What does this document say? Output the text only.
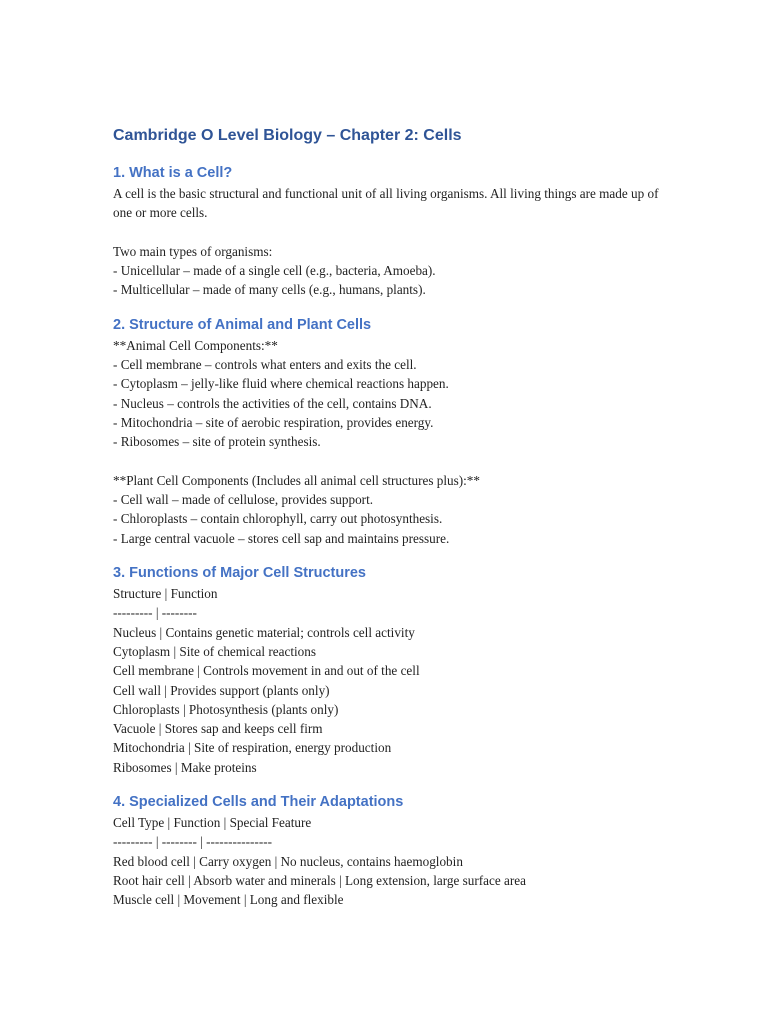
Cambridge O Level Biology – Chapter 2: Cells
1. What is a Cell?
A cell is the basic structural and functional unit of all living organisms. All living things are made up of one or more cells.
Two main types of organisms:
- Unicellular – made of a single cell (e.g., bacteria, Amoeba).
- Multicellular – made of many cells (e.g., humans, plants).
2. Structure of Animal and Plant Cells
**Animal Cell Components:**
- Cell membrane – controls what enters and exits the cell.
- Cytoplasm – jelly-like fluid where chemical reactions happen.
- Nucleus – controls the activities of the cell, contains DNA.
- Mitochondria – site of aerobic respiration, provides energy.
- Ribosomes – site of protein synthesis.
**Plant Cell Components (Includes all animal cell structures plus):**
- Cell wall – made of cellulose, provides support.
- Chloroplasts – contain chlorophyll, carry out photosynthesis.
- Large central vacuole – stores cell sap and maintains pressure.
3. Functions of Major Cell Structures
Structure | Function
--------- | --------
Nucleus | Contains genetic material; controls cell activity
Cytoplasm | Site of chemical reactions
Cell membrane | Controls movement in and out of the cell
Cell wall | Provides support (plants only)
Chloroplasts | Photosynthesis (plants only)
Vacuole | Stores sap and keeps cell firm
Mitochondria | Site of respiration, energy production
Ribosomes | Make proteins
4. Specialized Cells and Their Adaptations
Cell Type | Function | Special Feature
--------- | -------- | ---------------
Red blood cell | Carry oxygen | No nucleus, contains haemoglobin
Root hair cell | Absorb water and minerals | Long extension, large surface area
Muscle cell | Movement | Long and flexible
